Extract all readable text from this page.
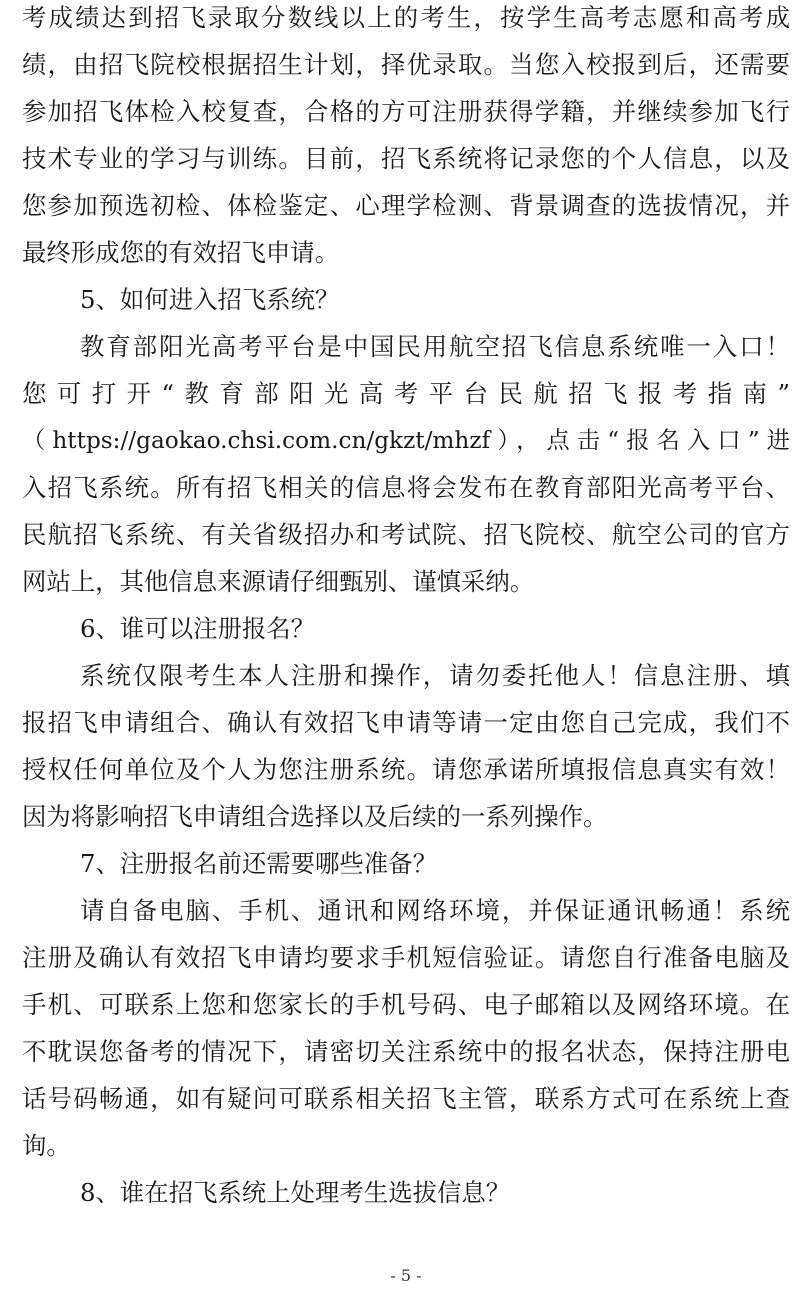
考成绩达到招飞录取分数线以上的考生，按学生高考志愿和高考成
绩，由招飞院校根据招生计划，择优录取。当您入校报到后，还需要
参加招飞体检入校复查，合格的方可注册获得学籍，并继续参加飞行
技术专业的学习与训练。目前，招飞系统将记录您的个人信息，以及
您参加预选初检、体检鉴定、心理学检测、背景调查的选拔情况，并
最终形成您的有效招飞申请。
5、如何进入招飞系统？
教育部阳光高考平台是中国民用航空招飞信息系统唯一入口！
您可打开“教育部阳光高考平台民航招飞报考指南”
（https://gaokao.chsi.com.cn/gkzt/mhzf），点击“报名入口”进
入招飞系统。所有招飞相关的信息将会发布在教育部阳光高考平台、
民航招飞系统、有关省级招办和考试院、招飞院校、航空公司的官方
网站上，其他信息来源请仔细甄别、谨慎采纳。
6、谁可以注册报名？
系统仅限考生本人注册和操作，请勿委托他人！信息注册、填
报招飞申请组合、确认有效招飞申请等请一定由您自己完成，我们不
授权任何单位及个人为您注册系统。请您承诺所填报信息真实有效！
因为将影响招飞申请组合选择以及后续的一系列操作。
7、注册报名前还需要哪些准备？
请自备电脑、手机、通讯和网络环境，并保证通讯畅通！系统
注册及确认有效招飞申请均要求手机短信验证。请您自行准备电脑及
手机、可联系上您和您家长的手机号码、电子邮箱以及网络环境。在
不耽误您备考的情况下，请密切关注系统中的报名状态，保持注册电
话号码畅通，如有疑问可联系相关招飞主管，联系方式可在系统上查
询。
8、谁在招飞系统上处理考生选拔信息？
- 5 -
